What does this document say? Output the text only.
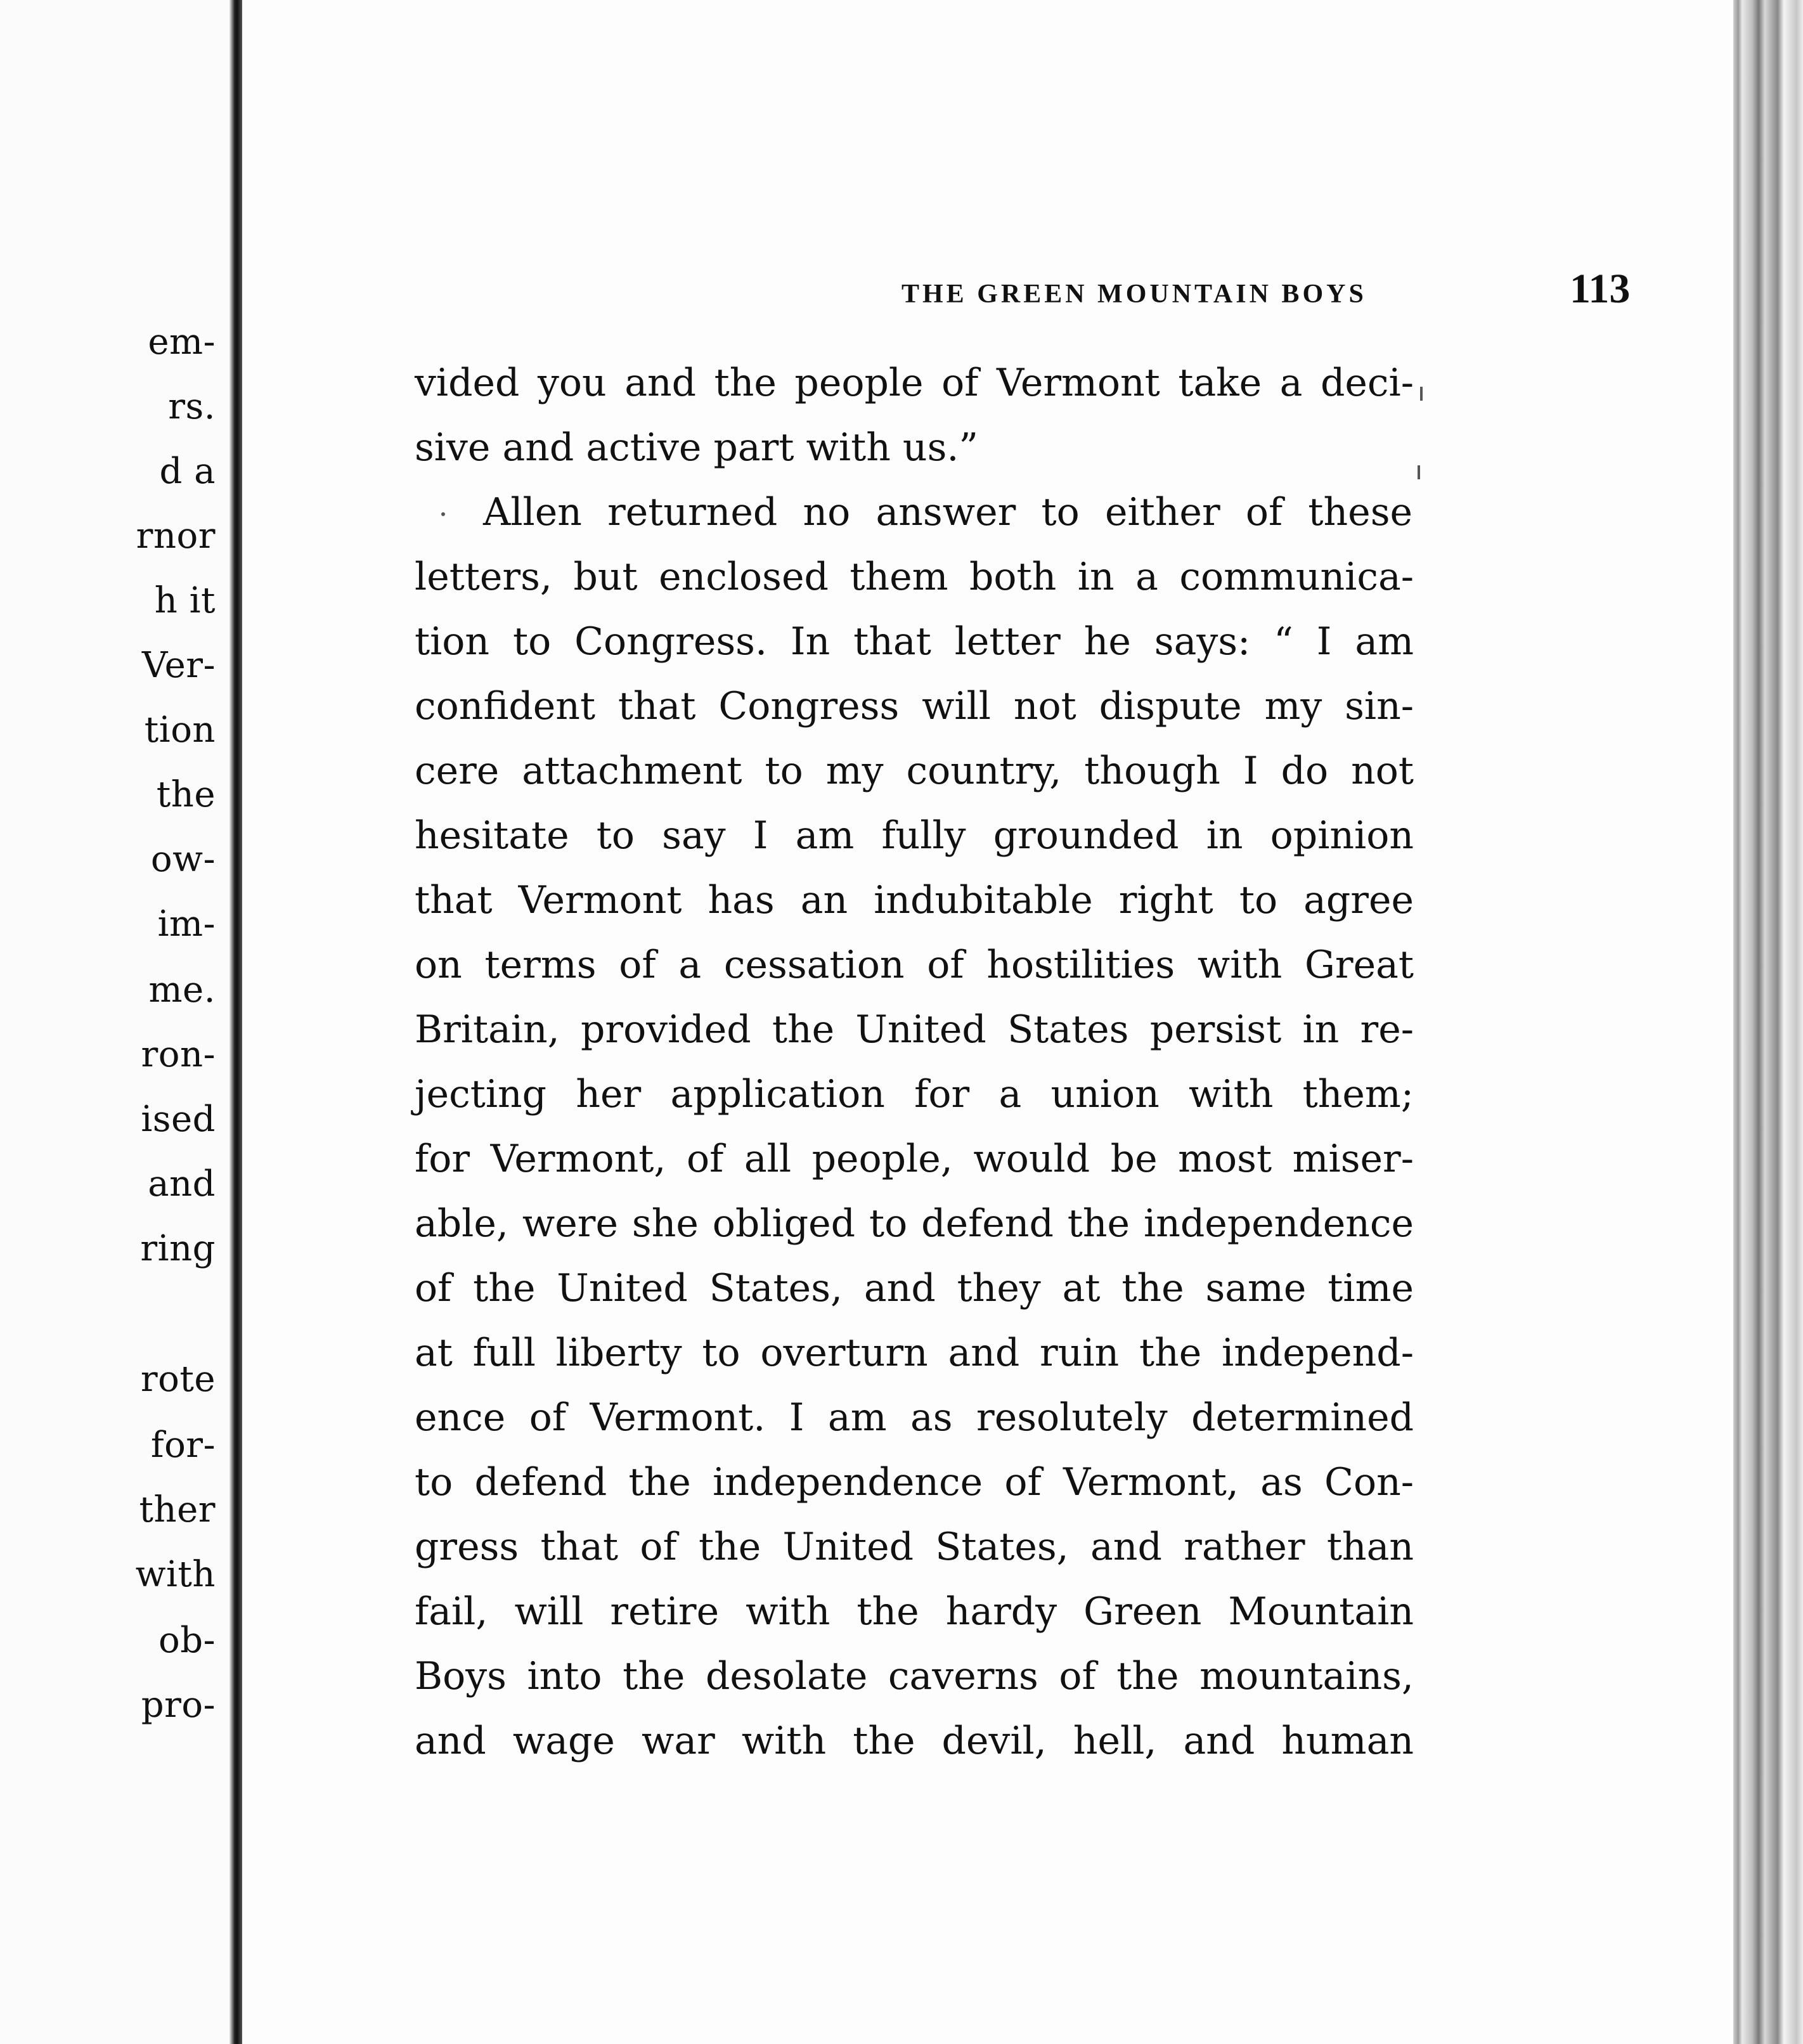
THE GREEN MOUNTAIN BOYS	113

em-

rs.

d a

rnor

h it

Ver-

tion

the

ow-

im-

me.

ron-

ised

and

ring

rote

for-

ther

with

ob-

pro-

vided you and the people of Vermont take a deci-

sive and active part with us.”

Allen returned no answer to either of these

letters, but enclosed them both in a communica-

tion to Congress. In that letter he says: “ I am

confident that Congress will not dispute my sin-

cere attachment to my country, though I do not

hesitate to say I am fully grounded in opinion

that Vermont has an indubitable right to agree

on terms of a cessation of hostilities with Great

Britain, provided the United States persist in re-

jecting her application for a union with them;

for Vermont, of all people, would be most miser-

able, were she obliged to defend the independence

of the United States, and they at the same time

at full liberty to overturn and ruin the independ-

ence of Vermont. I am as resolutely determined

to defend the independence of Vermont, as Con-

gress that of the United States, and rather than

fail, will retire with the hardy Green Mountain

Boys into the desolate caverns of the mountains,

and wage war with the devil, hell, and human
